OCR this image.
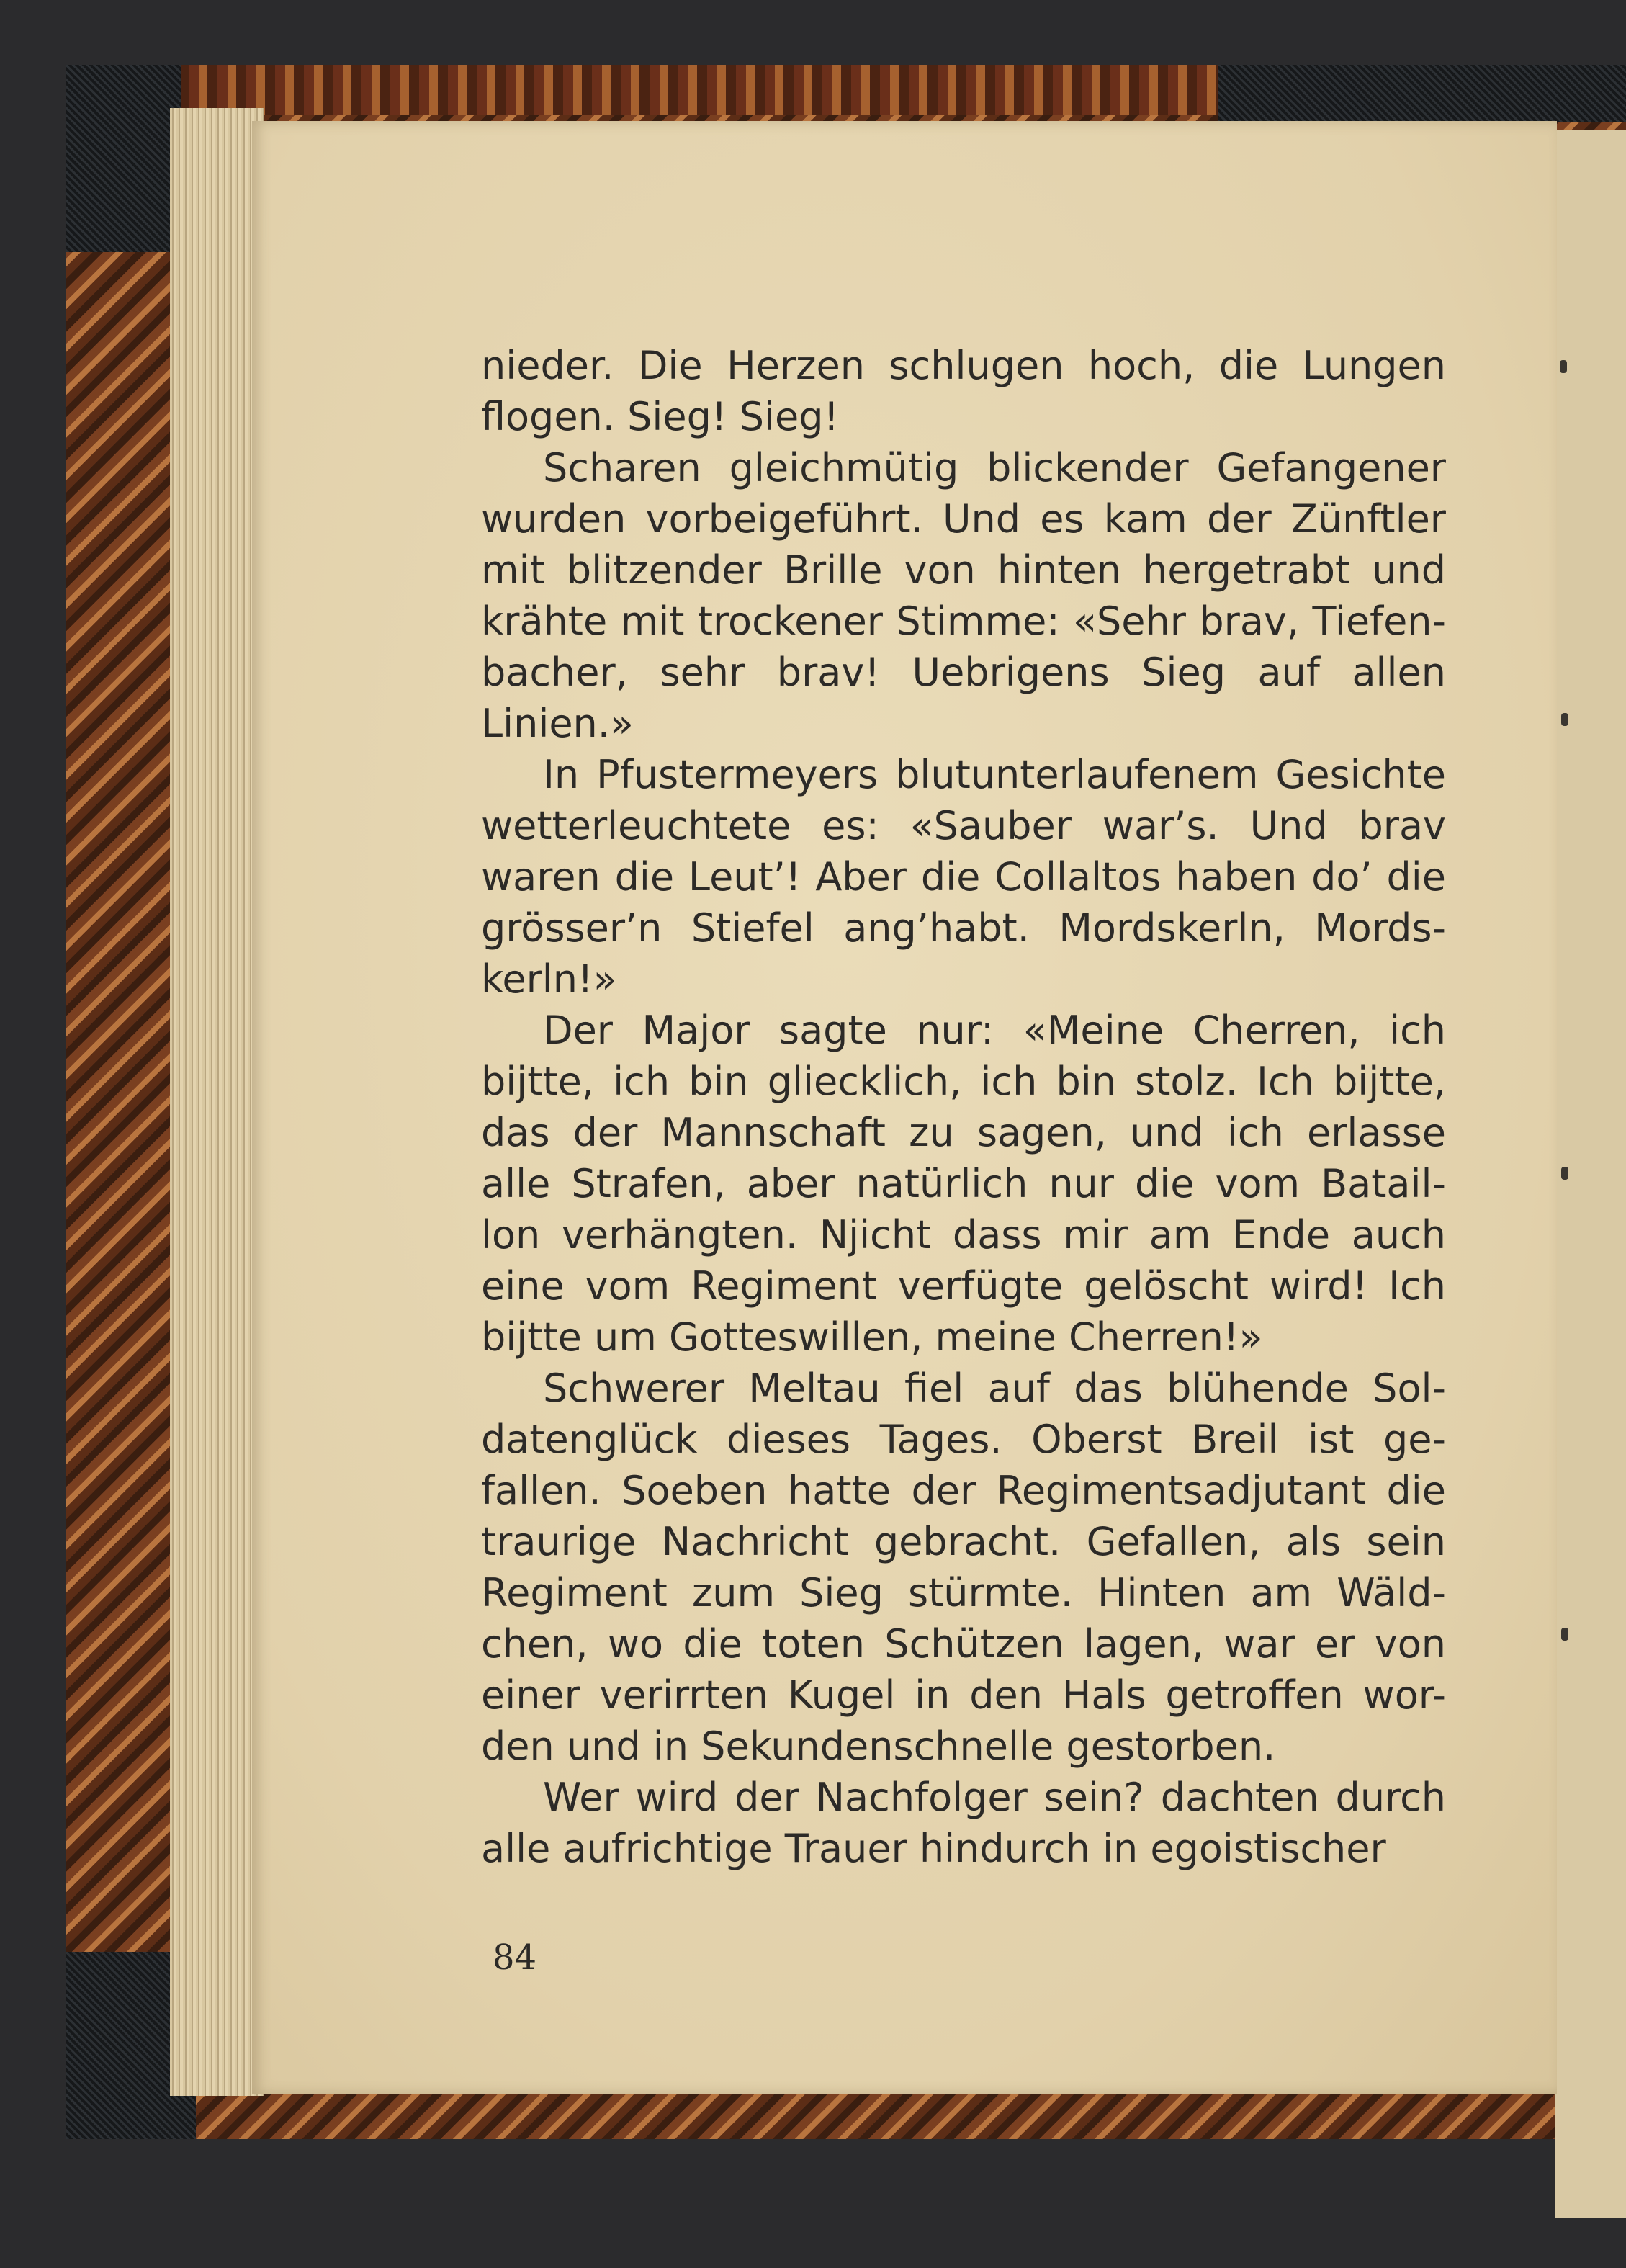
nieder. Die Herzen schlugen hoch, die Lungen
flogen. Sieg! Sieg!
Scharen gleichmütig blickender Gefangener
wurden vorbeigeführt. Und es kam der Zünftler
mit blitzender Brille von hinten hergetrabt und
krähte mit trockener Stimme: «Sehr brav, Tiefen-
bacher, sehr brav! Uebrigens Sieg auf allen
Linien.»
In Pfustermeyers blutunterlaufenem Gesichte
wetterleuchtete es: «Sauber war’s. Und brav
waren die Leut’! Aber die Collaltos haben do’ die
grösser’n Stiefel ang’habt. Mordskerln, Mords-
kerln!»
Der Major sagte nur: «Meine Cherren, ich
bijtte, ich bin gliecklich, ich bin stolz. Ich bijtte,
das der Mannschaft zu sagen, und ich erlasse
alle Strafen, aber natürlich nur die vom Batail-
lon verhängten. Njicht dass mir am Ende auch
eine vom Regiment verfügte gelöscht wird! Ich
bijtte um Gotteswillen, meine Cherren!»
Schwerer Meltau fiel auf das blühende Sol-
datenglück dieses Tages. Oberst Breil ist ge-
fallen. Soeben hatte der Regimentsadjutant die
traurige Nachricht gebracht. Gefallen, als sein
Regiment zum Sieg stürmte. Hinten am Wäld-
chen, wo die toten Schützen lagen, war er von
einer verirrten Kugel in den Hals getroffen wor-
den und in Sekundenschnelle gestorben.
Wer wird der Nachfolger sein? dachten durch
alle aufrichtige Trauer hindurch in egoistischer
84
